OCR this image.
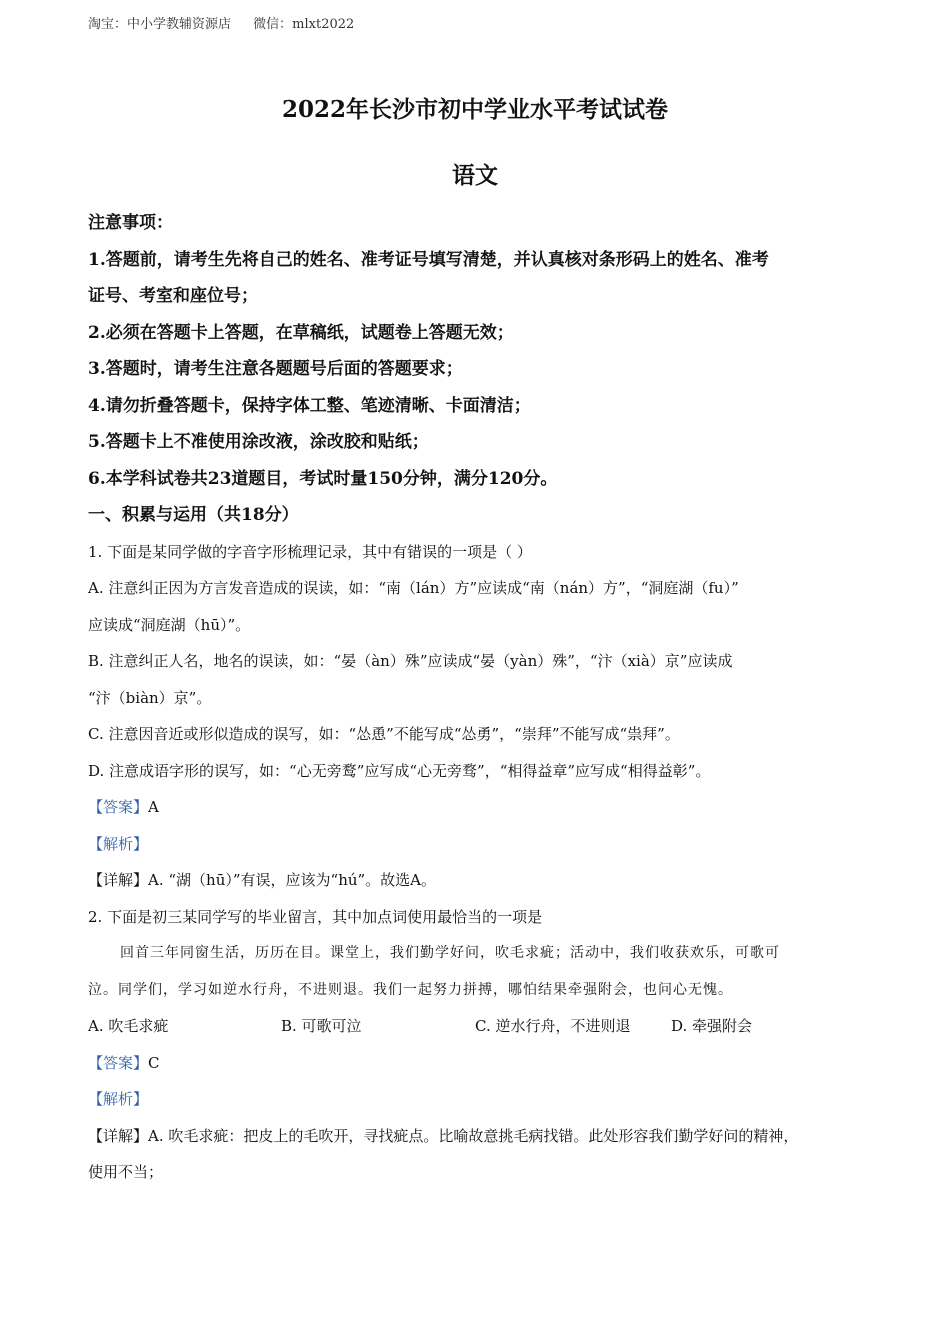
淘宝：中小学教辅资源店 微信：mlxt2022
2022年长沙市初中学业水平考试试卷
语文
注意事项：
1.答题前，请考生先将自己的姓名、准考证号填写清楚，并认真核对条形码上的姓名、准考
证号、考室和座位号；
2.必须在答题卡上答题，在草稿纸，试题卷上答题无效；
3.答题时，请考生注意各题题号后面的答题要求；
4.请勿折叠答题卡，保持字体工整、笔迹清晰、卡面清洁；
5.答题卡上不准使用涂改液，涂改胶和贴纸；
6.本学科试卷共23道题目，考试时量150分钟，满分120分。
一、积累与运用（共18分）
1. 下面是某同学做的字音字形梳理记录，其中有错误的一项是（ ）
A. 注意纠正因为方言发音造成的误读，如：“南（lán）方”应读成“南（nán）方”，“洞庭湖（fu）”
应读成“洞庭湖（hū）”。
B. 注意纠正人名，地名的误读，如：“晏（àn）殊”应读成“晏（yàn）殊”，“汴（xià）京”应读成
“汴（biàn）京”。
C. 注意因音近或形似造成的误写，如：“怂恿”不能写成“怂勇”，“崇拜”不能写成“祟拜”。
D. 注意成语字形的误写，如：“心无旁鹜”应写成“心无旁骛”，“相得益章”应写成“相得益彰”。
【答案】A
【解析】
【详解】A. “湖（hū）”有误，应该为“hú”。故选A。
2. 下面是初三某同学写的毕业留言，其中加点词使用最恰当的一项是
回首三年同窗生活，历历在目。课堂上，我们勤学好问，吹毛求疵；活动中，我们收获欢乐，可歌可
泣。同学们，学习如逆水行舟，不进则退。我们一起努力拼搏，哪怕结果牵强附会，也问心无愧。
A. 吹毛求疵	B. 可歌可泣	C. 逆水行舟，不进则退	D. 牵强附会
【答案】C
【解析】
【详解】A. 吹毛求疵：把皮上的毛吹开，寻找疵点。比喻故意挑毛病找错。此处形容我们勤学好问的精神，
使用不当；
